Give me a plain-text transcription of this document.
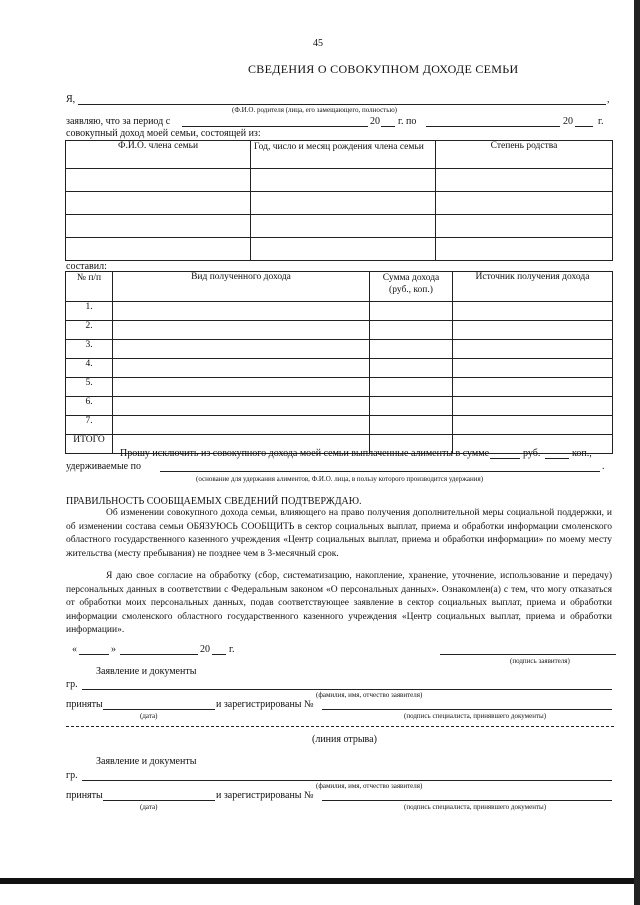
45
СВЕДЕНИЯ О СОВОКУПНОМ ДОХОДЕ СЕМЬИ
Я,	,
(Ф.И.О. родителя (лица, его замещающего, полностью)
заявляю, что за период с	20 г. по	20	г.
совокупный доход моей семьи, состоящей из:
Ф.И.О. члена семьи	Год, число и месяц рождения члена семьи	Степень родства

составил:
№ п/п	Вид полученного дохода	Сумма дохода (руб., коп.)	Источник получения дохода
1.			
2.			
3.			
4.			
5.			
6.			
7.			
ИТОГО			
Прошу исключить из совокупного дохода моей семьи выплаченные алименты в сумме	руб.	коп.,
удерживаемые по	.
(основание для удержания алиментов, Ф.И.О. лица, в пользу которого производится удержания)
ПРАВИЛЬНОСТЬ СООБЩАЕМЫХ СВЕДЕНИЙ ПОДТВЕРЖДАЮ.
Об изменении совокупного дохода семьи, влияющего на право получения дополнительной меры социальной поддержки, и об изменении состава семьи ОБЯЗУЮСЬ СООБЩИТЬ в сектор социальных выплат, приема и обработки информации смоленского областного государственного казенного учреждения «Центр социальных выплат, приема и обработки информации» по моему месту жительства (месту пребывания) не позднее чем в 3-месячный срок.
Я даю свое согласие на обработку (сбор, систематизацию, накопление, хранение, уточнение, использование и передачу) персональных данных в соответствии с Федеральным законом «О персональных данных». Ознакомлен(а) с тем, что могу отказаться от обработки моих персональных данных, подав соответствующее заявление в сектор социальных выплат, приема и обработки информации смоленского областного государственного казенного учреждения «Центр социальных выплат, приема и обработки информации».
«	»	20 г.
(подпись заявителя)
Заявление и документы
гр.
(фамилия, имя, отчество заявителя)
приняты	и зарегистрированы №
(дата)	(подпись специалиста, принявшего документы)
(линия отрыва)
Заявление и документы
гр.
(фамилия, имя, отчество заявителя)
приняты	и зарегистрированы №
(дата)	(подпись специалиста, принявшего документы)
